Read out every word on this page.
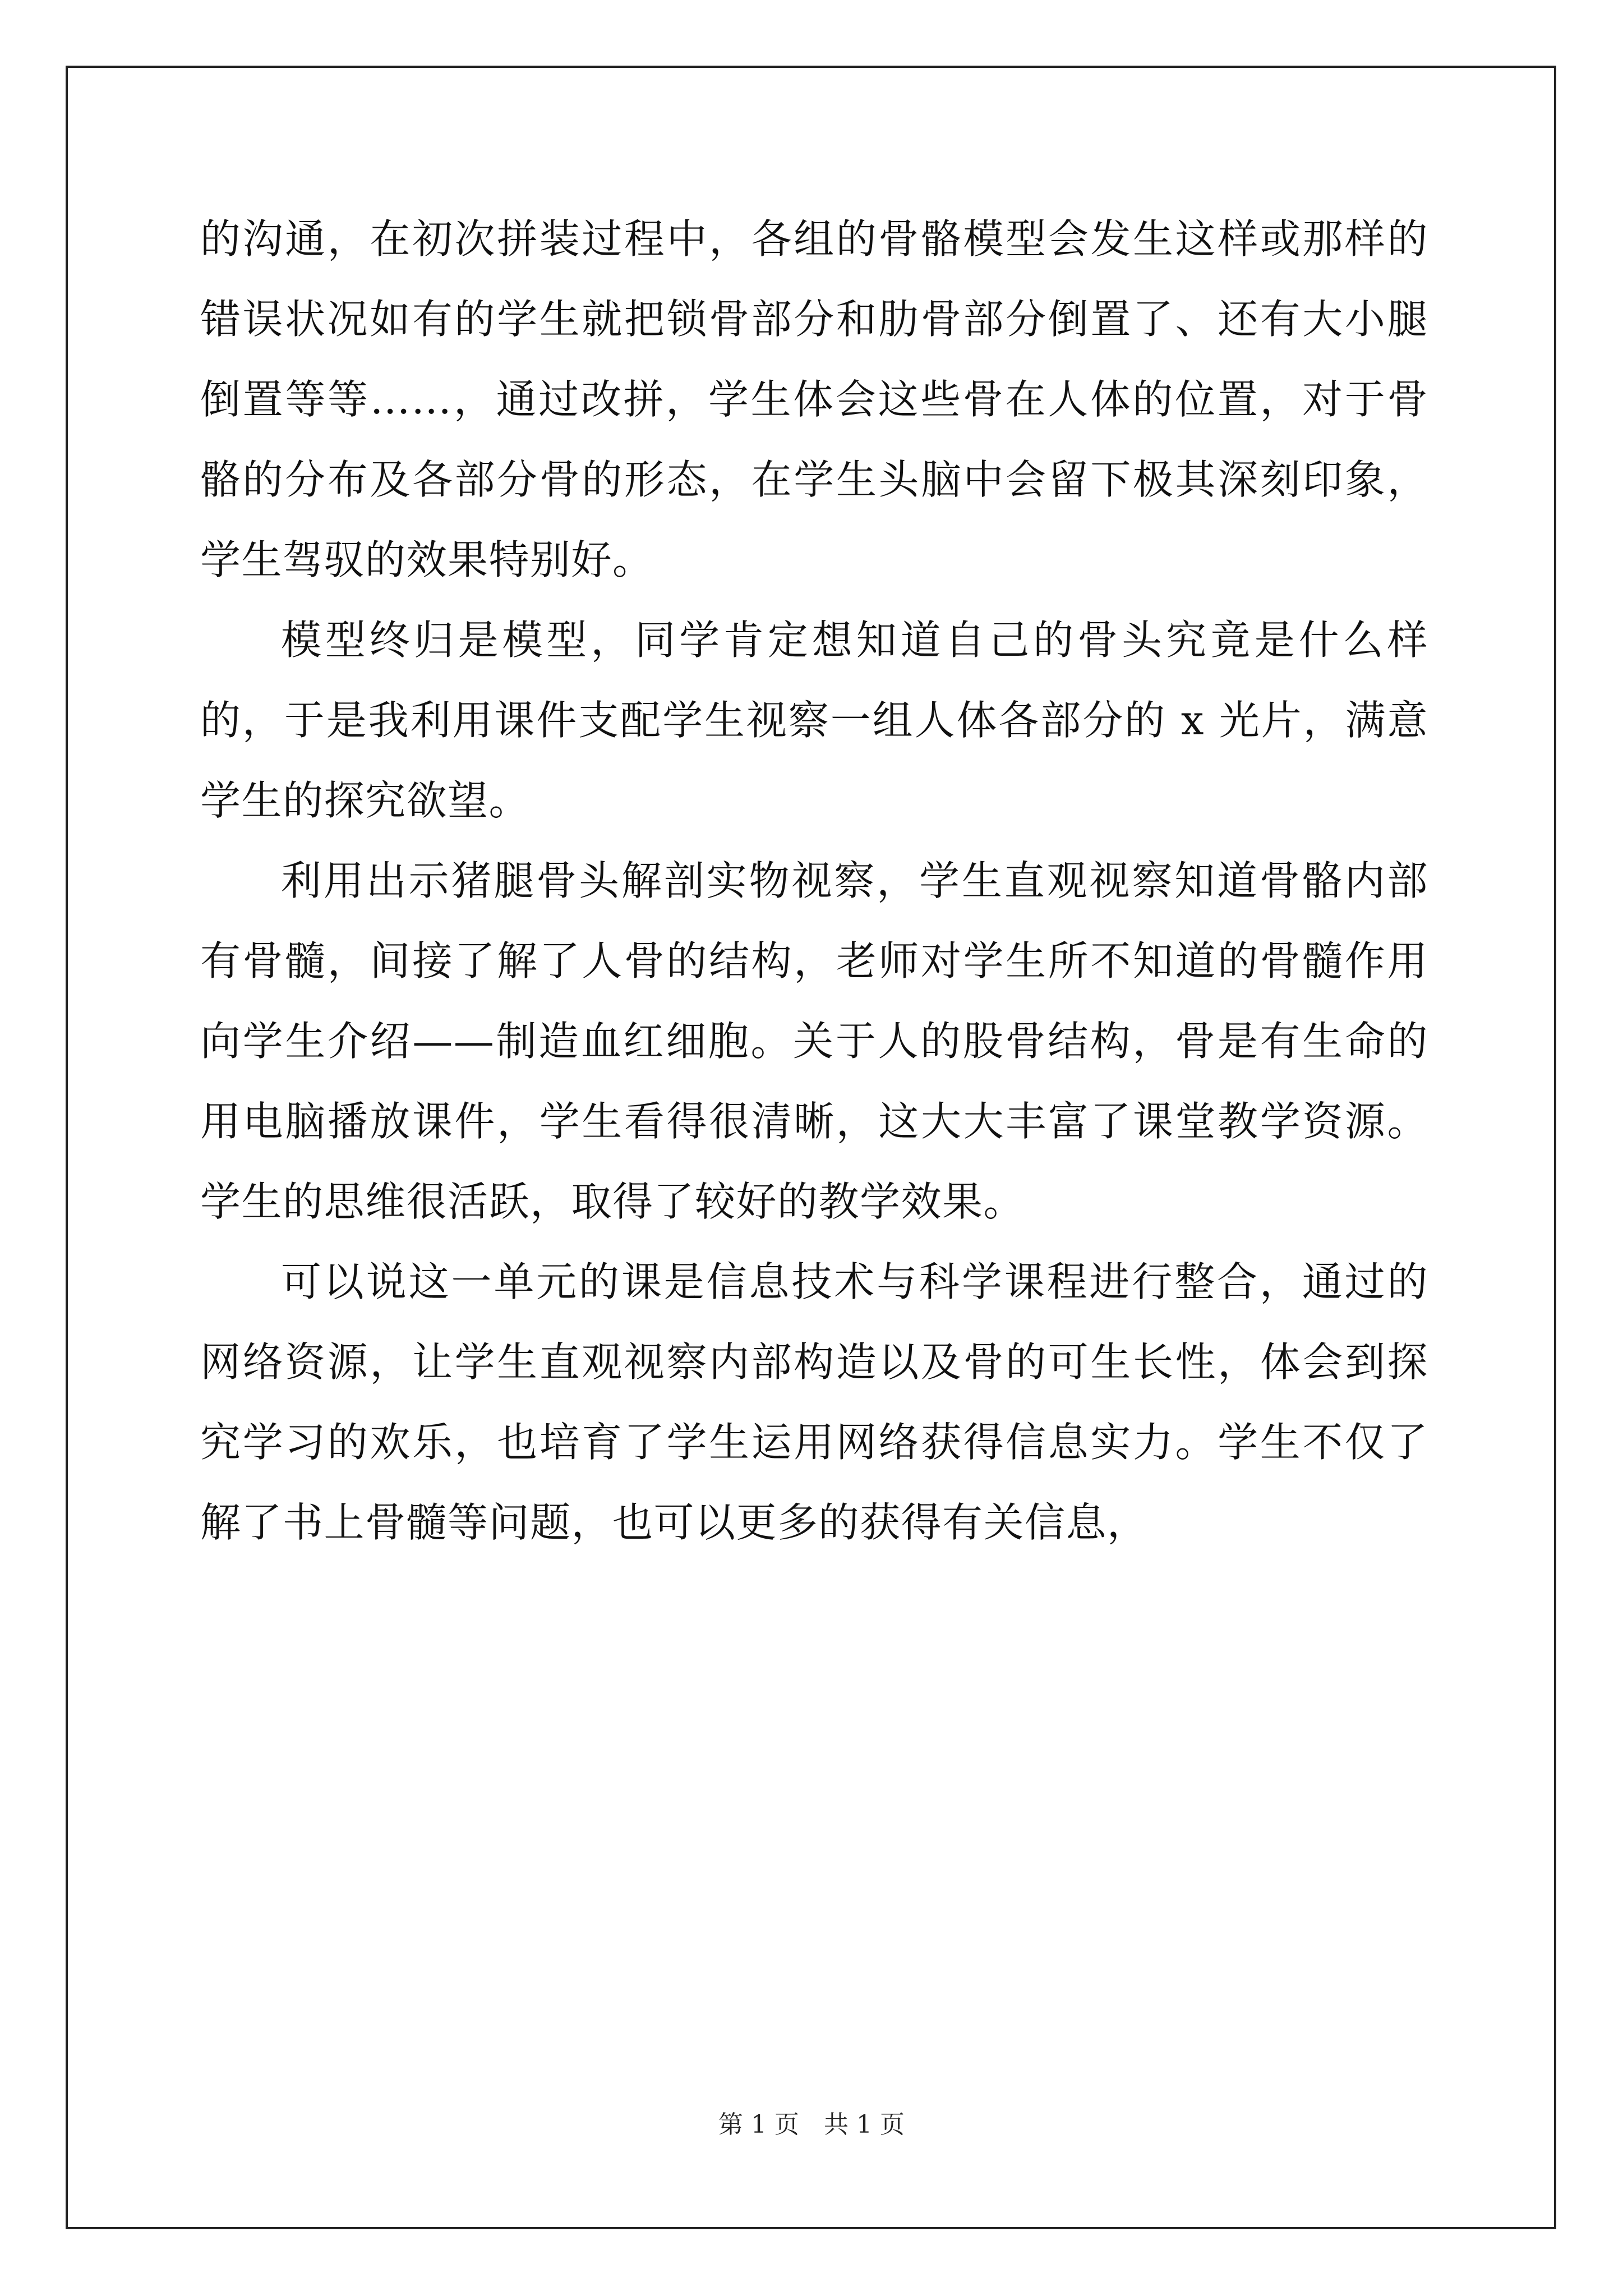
的沟通，在初次拼装过程中，各组的骨骼模型会发生这样或那样的错误状况如有的学生就把锁骨部分和肋骨部分倒置了、还有大小腿倒置等等……，通过改拼，学生体会这些骨在人体的位置，对于骨骼的分布及各部分骨的形态，在学生头脑中会留下极其深刻印象，学生驾驭的效果特别好。

模型终归是模型，同学肯定想知道自己的骨头究竟是什么样的，于是我利用课件支配学生视察一组人体各部分的 x 光片，满意学生的探究欲望。

利用出示猪腿骨头解剖实物视察，学生直观视察知道骨骼内部有骨髓，间接了解了人骨的结构，老师对学生所不知道的骨髓作用向学生介绍——制造血红细胞。关于人的股骨结构，骨是有生命的用电脑播放课件，学生看得很清晰，这大大丰富了课堂教学资源。学生的思维很活跃，取得了较好的教学效果。

可以说这一单元的课是信息技术与科学课程进行整合，通过的网络资源，让学生直观视察内部构造以及骨的可生长性，体会到探究学习的欢乐，也培育了学生运用网络获得信息实力。学生不仅了解了书上骨髓等问题，也可以更多的获得有关信息，

第 1 页　共 1 页
